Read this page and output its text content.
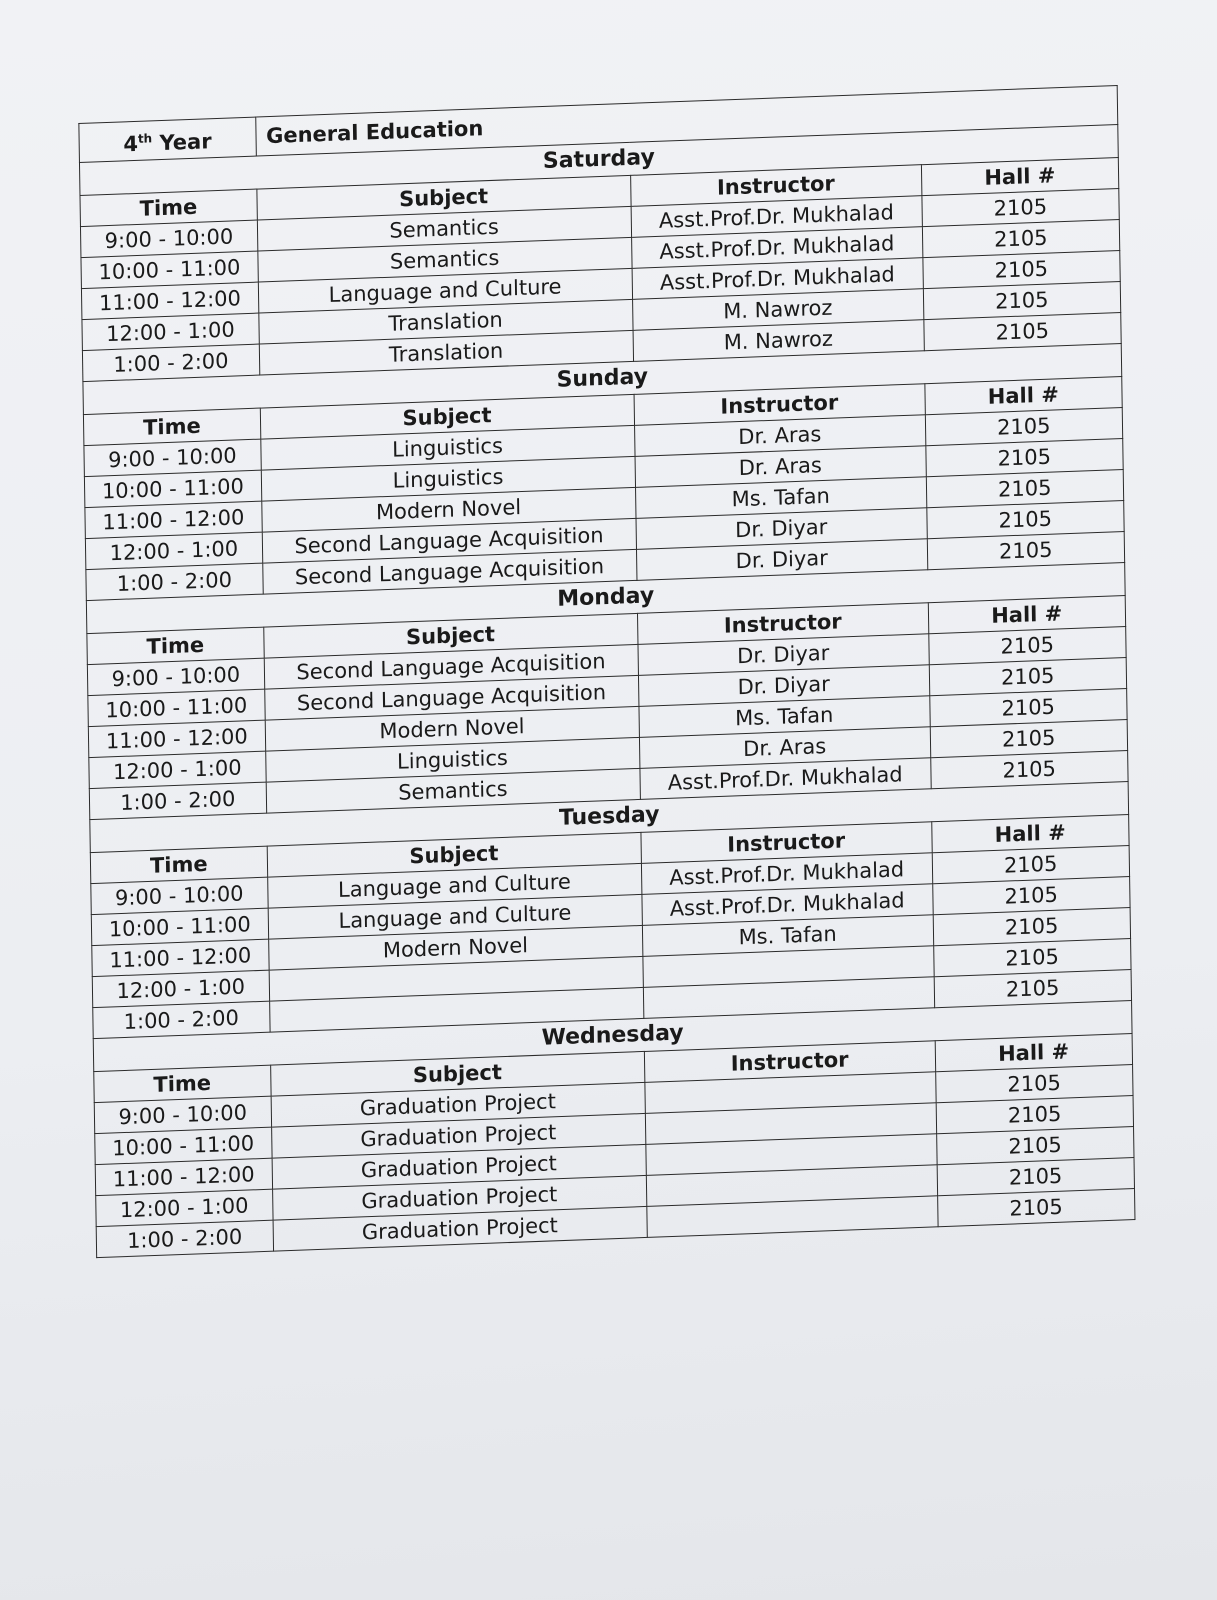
4th Year	General Education		
Saturday			
Time	Subject	Instructor	Hall #
9:00 - 10:00	Semantics	Asst.Prof.Dr. Mukhalad	2105
10:00 - 11:00	Semantics	Asst.Prof.Dr. Mukhalad	2105
11:00 - 12:00	Language and Culture	Asst.Prof.Dr. Mukhalad	2105
12:00 - 1:00	Translation	M. Nawroz	2105
1:00 - 2:00	Translation	M. Nawroz	2105
Sunday			
Time	Subject	Instructor	Hall #
9:00 - 10:00	Linguistics	Dr. Aras	2105
10:00 - 11:00	Linguistics	Dr. Aras	2105
11:00 - 12:00	Modern Novel	Ms. Tafan	2105
12:00 - 1:00	Second Language Acquisition	Dr. Diyar	2105
1:00 - 2:00	Second Language Acquisition	Dr. Diyar	2105
Monday			
Time	Subject	Instructor	Hall #
9:00 - 10:00	Second Language Acquisition	Dr. Diyar	2105
10:00 - 11:00	Second Language Acquisition	Dr. Diyar	2105
11:00 - 12:00	Modern Novel	Ms. Tafan	2105
12:00 - 1:00	Linguistics	Dr. Aras	2105
1:00 - 2:00	Semantics	Asst.Prof.Dr. Mukhalad	2105
Tuesday			
Time	Subject	Instructor	Hall #
9:00 - 10:00	Language and Culture	Asst.Prof.Dr. Mukhalad	2105
10:00 - 11:00	Language and Culture	Asst.Prof.Dr. Mukhalad	2105
11:00 - 12:00	Modern Novel	Ms. Tafan	2105
12:00 - 1:00			2105
1:00 - 2:00			2105
Wednesday			
Time	Subject	Instructor	Hall #
9:00 - 10:00	Graduation Project		2105
10:00 - 11:00	Graduation Project		2105
11:00 - 12:00	Graduation Project		2105
12:00 - 1:00	Graduation Project		2105
1:00 - 2:00	Graduation Project		2105
